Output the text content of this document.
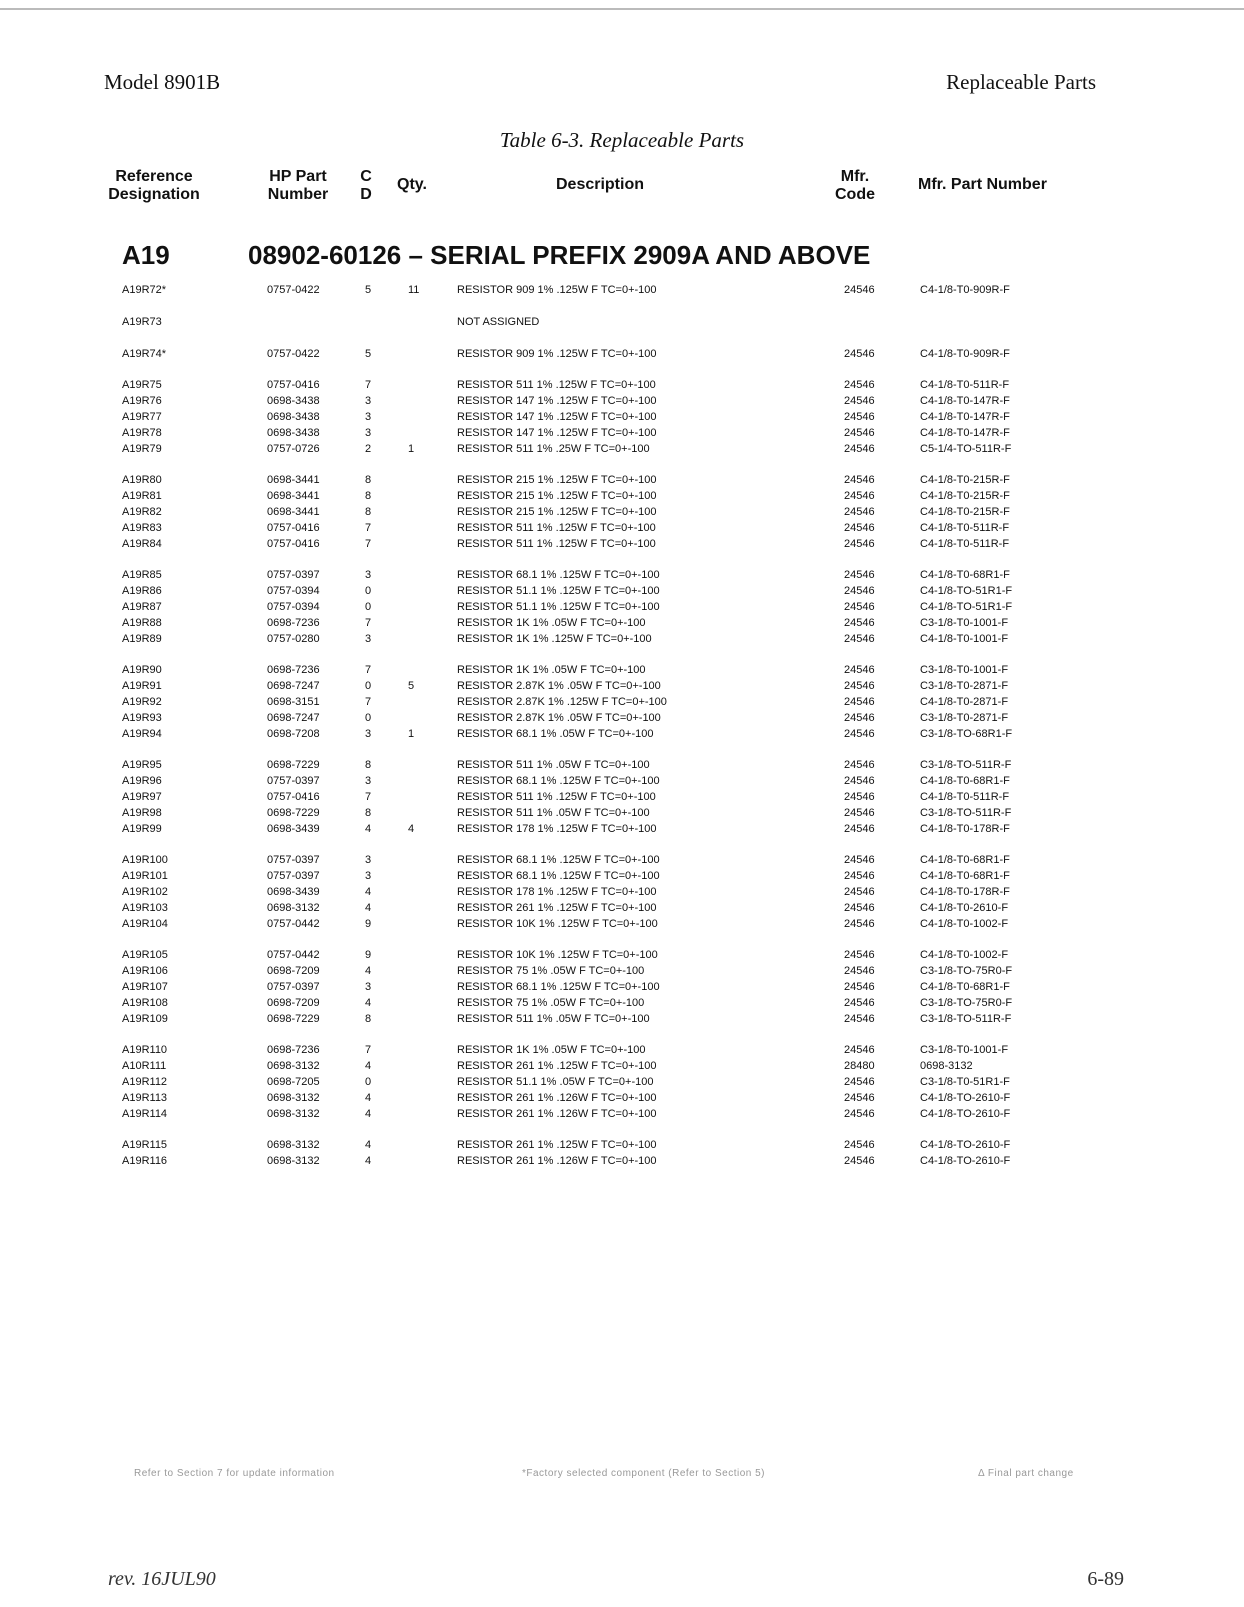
Model 8901B	Replaceable Parts
Table 6-3. Replaceable Parts
Reference
Designation
HP Part
Number
C
D
Qty.	Description	Mfr.
Code
Mfr. Part Number
A19	08902-60126 – SERIAL PREFIX 2909A AND ABOVE
A19R72*	0757-0422	5	11	RESISTOR 909 1% .125W F TC=0+-100	24546	C4-1/8-T0-909R-F
A19R73	NOT ASSIGNED
A19R74*	0757-0422	5	RESISTOR 909 1% .125W F TC=0+-100	24546	C4-1/8-T0-909R-F
A19R75	0757-0416	7	RESISTOR 511 1% .125W F TC=0+-100	24546	C4-1/8-T0-511R-F
A19R76	0698-3438	3	RESISTOR 147 1% .125W F TC=0+-100	24546	C4-1/8-T0-147R-F
A19R77	0698-3438	3	RESISTOR 147 1% .125W F TC=0+-100	24546	C4-1/8-T0-147R-F
A19R78	0698-3438	3	RESISTOR 147 1% .125W F TC=0+-100	24546	C4-1/8-T0-147R-F
A19R79	0757-0726	2	1	RESISTOR 511 1% .25W F TC=0+-100	24546	C5-1/4-TO-511R-F
A19R80	0698-3441	8	RESISTOR 215 1% .125W F TC=0+-100	24546	C4-1/8-T0-215R-F
A19R81	0698-3441	8	RESISTOR 215 1% .125W F TC=0+-100	24546	C4-1/8-T0-215R-F
A19R82	0698-3441	8	RESISTOR 215 1% .125W F TC=0+-100	24546	C4-1/8-T0-215R-F
A19R83	0757-0416	7	RESISTOR 511 1% .125W F TC=0+-100	24546	C4-1/8-T0-511R-F
A19R84	0757-0416	7	RESISTOR 511 1% .125W F TC=0+-100	24546	C4-1/8-T0-511R-F
A19R85	0757-0397	3	RESISTOR 68.1 1% .125W F TC=0+-100	24546	C4-1/8-T0-68R1-F
A19R86	0757-0394	0	RESISTOR 51.1 1% .125W F TC=0+-100	24546	C4-1/8-TO-51R1-F
A19R87	0757-0394	0	RESISTOR 51.1 1% .125W F TC=0+-100	24546	C4-1/8-TO-51R1-F
A19R88	0698-7236	7	RESISTOR 1K 1% .05W F TC=0+-100	24546	C3-1/8-T0-1001-F
A19R89	0757-0280	3	RESISTOR 1K 1% .125W F TC=0+-100	24546	C4-1/8-T0-1001-F
A19R90	0698-7236	7	RESISTOR 1K 1% .05W F TC=0+-100	24546	C3-1/8-T0-1001-F
A19R91	0698-7247	0	5	RESISTOR 2.87K 1% .05W F TC=0+-100	24546	C3-1/8-T0-2871-F
A19R92	0698-3151	7	RESISTOR 2.87K 1% .125W F TC=0+-100	24546	C4-1/8-T0-2871-F
A19R93	0698-7247	0	RESISTOR 2.87K 1% .05W F TC=0+-100	24546	C3-1/8-T0-2871-F
A19R94	0698-7208	3	1	RESISTOR 68.1 1% .05W F TC=0+-100	24546	C3-1/8-TO-68R1-F
A19R95	0698-7229	8	RESISTOR 511 1% .05W F TC=0+-100	24546	C3-1/8-TO-511R-F
A19R96	0757-0397	3	RESISTOR 68.1 1% .125W F TC=0+-100	24546	C4-1/8-T0-68R1-F
A19R97	0757-0416	7	RESISTOR 511 1% .125W F TC=0+-100	24546	C4-1/8-T0-511R-F
A19R98	0698-7229	8	RESISTOR 511 1% .05W F TC=0+-100	24546	C3-1/8-TO-511R-F
A19R99	0698-3439	4	4	RESISTOR 178 1% .125W F TC=0+-100	24546	C4-1/8-T0-178R-F
A19R100	0757-0397	3	RESISTOR 68.1 1% .125W F TC=0+-100	24546	C4-1/8-T0-68R1-F
A19R101	0757-0397	3	RESISTOR 68.1 1% .125W F TC=0+-100	24546	C4-1/8-T0-68R1-F
A19R102	0698-3439	4	RESISTOR 178 1% .125W F TC=0+-100	24546	C4-1/8-T0-178R-F
A19R103	0698-3132	4	RESISTOR 261 1% .125W F TC=0+-100	24546	C4-1/8-T0-2610-F
A19R104	0757-0442	9	RESISTOR 10K 1% .125W F TC=0+-100	24546	C4-1/8-T0-1002-F
A19R105	0757-0442	9	RESISTOR 10K 1% .125W F TC=0+-100	24546	C4-1/8-T0-1002-F
A19R106	0698-7209	4	RESISTOR 75 1% .05W F TC=0+-100	24546	C3-1/8-TO-75R0-F
A19R107	0757-0397	3	RESISTOR 68.1 1% .125W F TC=0+-100	24546	C4-1/8-T0-68R1-F
A19R108	0698-7209	4	RESISTOR 75 1% .05W F TC=0+-100	24546	C3-1/8-TO-75R0-F
A19R109	0698-7229	8	RESISTOR 511 1% .05W F TC=0+-100	24546	C3-1/8-TO-511R-F
A19R110	0698-7236	7	RESISTOR 1K 1% .05W F TC=0+-100	24546	C3-1/8-T0-1001-F
A10R111	0698-3132	4	RESISTOR 261 1% .125W F TC=0+-100	28480	0698-3132
A19R112	0698-7205	0	RESISTOR 51.1 1% .05W F TC=0+-100	24546	C3-1/8-T0-51R1-F
A19R113	0698-3132	4	RESISTOR 261 1% .126W F TC=0+-100	24546	C4-1/8-TO-2610-F
A19R114	0698-3132	4	RESISTOR 261 1% .126W F TC=0+-100	24546	C4-1/8-TO-2610-F
A19R115	0698-3132	4	RESISTOR 261 1% .125W F TC=0+-100	24546	C4-1/8-TO-2610-F
A19R116	0698-3132	4	RESISTOR 261 1% .126W F TC=0+-100	24546	C4-1/8-TO-2610-F
Refer to Section 7 for update information	*Factory selected component (Refer to Section 5)	Δ Final part change
rev. 16JUL90	6-89
